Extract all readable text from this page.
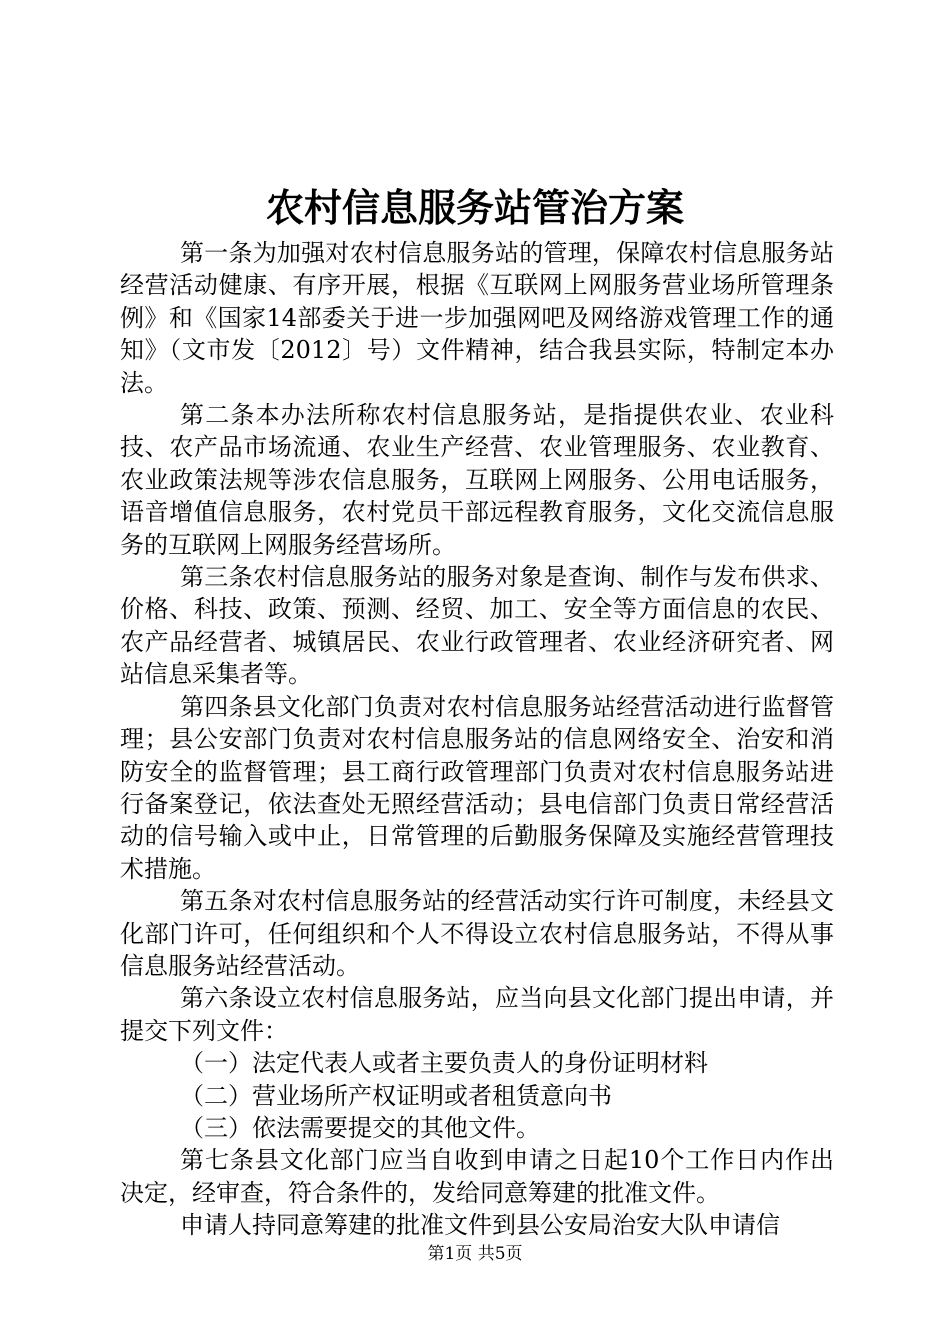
农村信息服务站管治方案

第一条为加强对农村信息服务站的管理，保障农村信息服务站经营活动健康、有序开展，根据《互联网上网服务营业场所管理条例》和《国家14部委关于进一步加强网吧及网络游戏管理工作的通知》（文市发〔2012〕号）文件精神，结合我县实际，特制定本办法。

第二条本办法所称农村信息服务站，是指提供农业、农业科技、农产品市场流通、农业生产经营、农业管理服务、农业教育、农业政策法规等涉农信息服务，互联网上网服务、公用电话服务，语音增值信息服务，农村党员干部远程教育服务，文化交流信息服务的互联网上网服务经营场所。

第三条农村信息服务站的服务对象是查询、制作与发布供求、价格、科技、政策、预测、经贸、加工、安全等方面信息的农民、农产品经营者、城镇居民、农业行政管理者、农业经济研究者、网站信息采集者等。

第四条县文化部门负责对农村信息服务站经营活动进行监督管理；县公安部门负责对农村信息服务站的信息网络安全、治安和消防安全的监督管理；县工商行政管理部门负责对农村信息服务站进行备案登记，依法查处无照经营活动；县电信部门负责日常经营活动的信号输入或中止，日常管理的后勤服务保障及实施经营管理技术措施。

第五条对农村信息服务站的经营活动实行许可制度，未经县文化部门许可，任何组织和个人不得设立农村信息服务站，不得从事信息服务站经营活动。

第六条设立农村信息服务站，应当向县文化部门提出申请，并提交下列文件：

（一）法定代表人或者主要负责人的身份证明材料

（二）营业场所产权证明或者租赁意向书

（三）依法需要提交的其他文件。

第七条县文化部门应当自收到申请之日起10个工作日内作出决定，经审查，符合条件的，发给同意筹建的批准文件。

申请人持同意筹建的批准文件到县公安局治安大队申请信

第1页 共5页
